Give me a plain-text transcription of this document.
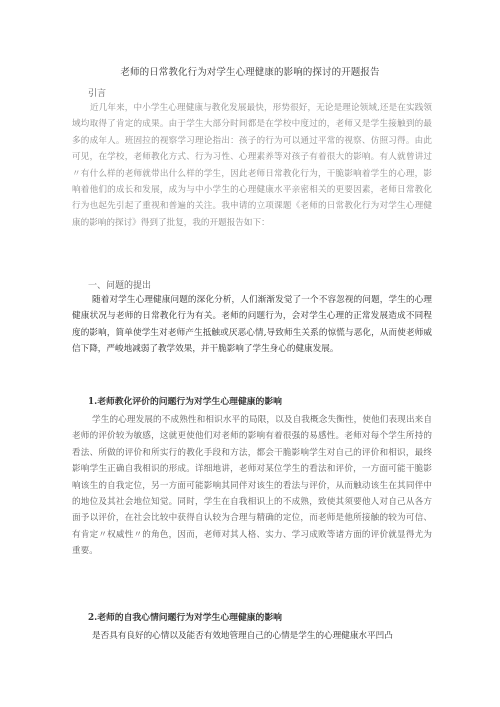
老师的日常教化行为对学生心理健康的影响的探讨的开题报告
引言

近几年来，中小学生心理健康与教化发展最快，形势很好，无论是理论领域,还是在实践领域均取得了肯定的成果。由于学生大部分时间都是在学校中度过的，老师又是学生接触到的最多的成年人。班固拉的视察学习理论指出：孩子的行为可以通过平常的视察、仿照习得。由此可见，在学校，老师教化方式、行为习性、心理素养等对孩子有着很大的影响。有人就曾讲过〃有什么样的老师就带出什么样的学生，因此老师日常教化行为，干脆影响着学生的心理，影响着他们的成长和发展，成为与中小学生的心理健康水平亲密相关的更要因素，老师日常教化行为也起先引起了重视和普遍的关注。我申请的立项课题《老师的日常教化行为对学生心理健康的影响的探讨》得到了批复，我的开题报告如下：

一、问题的提出

随着对学生心理健康问题的深化分析，人们渐渐发觉了一个不容忽视的问题，学生的心理健康状况与老师的日常教化行为有关。老师的问题行为，会对学生心理的正常发展造成不同程度的影响，简单使学生对老师产生抵触或厌恶心情,导致师生关系的惊慌与恶化，从而使老师威信下降，严峻地减弱了教学效果，并干脆影响了学生身心的健康发展。

1.老师教化评价的问题行为对学生心理健康的影响

学生的心理发展的不成熟性和相识水平的局限，以及自我概念失衡性，使他们表现出来自老师的评价较为敏感，这就更使他们对老师的影响有着很强的易感性。老师对每个学生所持的看法、所做的评价和所实行的教化手段和方法，都会干脆影响学生对自己的评价和相识，最终影响学生正确自我相识的形成。详细地讲，老师对某位学生的看法和评价，一方面可能干脆影响该生的自我定位，另一方面可能影响其同伴对该生的看法与评价，从而触动该生在其同伴中的地位及其社会地位知觉。同时，学生在自我相识上的不成熟，致使其须要他人对自己从各方面予以评价，在社会比较中获得自认较为合理与精确的定位，而老师是他所接触的较为可信、有肯定〃权威性〃的角色，因而，老师对其人格、实力、学习成败等诸方面的评价就显得尤为重要。

2.老师的自我心情问题行为对学生心理健康的影响

是否具有良好的心情以及能否有效地管理自己的心情是学生的心理健康水平凹凸
